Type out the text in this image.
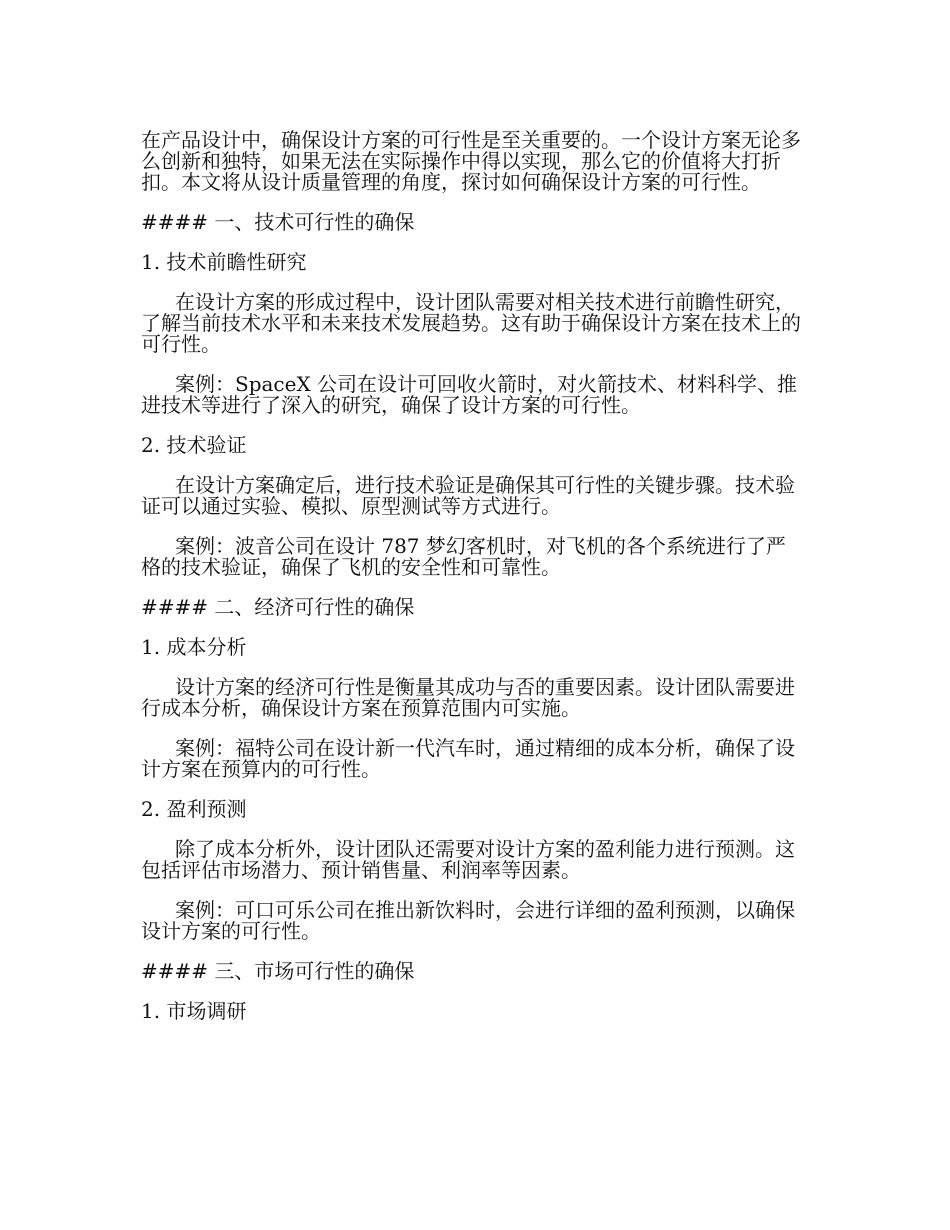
在产品设计中，确保设计方案的可行性是至关重要的。一个设计方案无论多么创新和独特，如果无法在实际操作中得以实现，那么它的价值将大打折扣。本文将从设计质量管理的角度，探讨如何确保设计方案的可行性。

#### 一、技术可行性的确保

1. 技术前瞻性研究

在设计方案的形成过程中，设计团队需要对相关技术进行前瞻性研究，了解当前技术水平和未来技术发展趋势。这有助于确保设计方案在技术上的可行性。

案例：SpaceX 公司在设计可回收火箭时，对火箭技术、材料科学、推进技术等进行了深入的研究，确保了设计方案的可行性。

2. 技术验证

在设计方案确定后，进行技术验证是确保其可行性的关键步骤。技术验证可以通过实验、模拟、原型测试等方式进行。

案例：波音公司在设计 787 梦幻客机时，对飞机的各个系统进行了严格的技术验证，确保了飞机的安全性和可靠性。

#### 二、经济可行性的确保

1. 成本分析

设计方案的经济可行性是衡量其成功与否的重要因素。设计团队需要进行成本分析，确保设计方案在预算范围内可实施。

案例：福特公司在设计新一代汽车时，通过精细的成本分析，确保了设计方案在预算内的可行性。

2. 盈利预测

除了成本分析外，设计团队还需要对设计方案的盈利能力进行预测。这包括评估市场潜力、预计销售量、利润率等因素。

案例：可口可乐公司在推出新饮料时，会进行详细的盈利预测，以确保设计方案的可行性。

#### 三、市场可行性的确保

1. 市场调研
